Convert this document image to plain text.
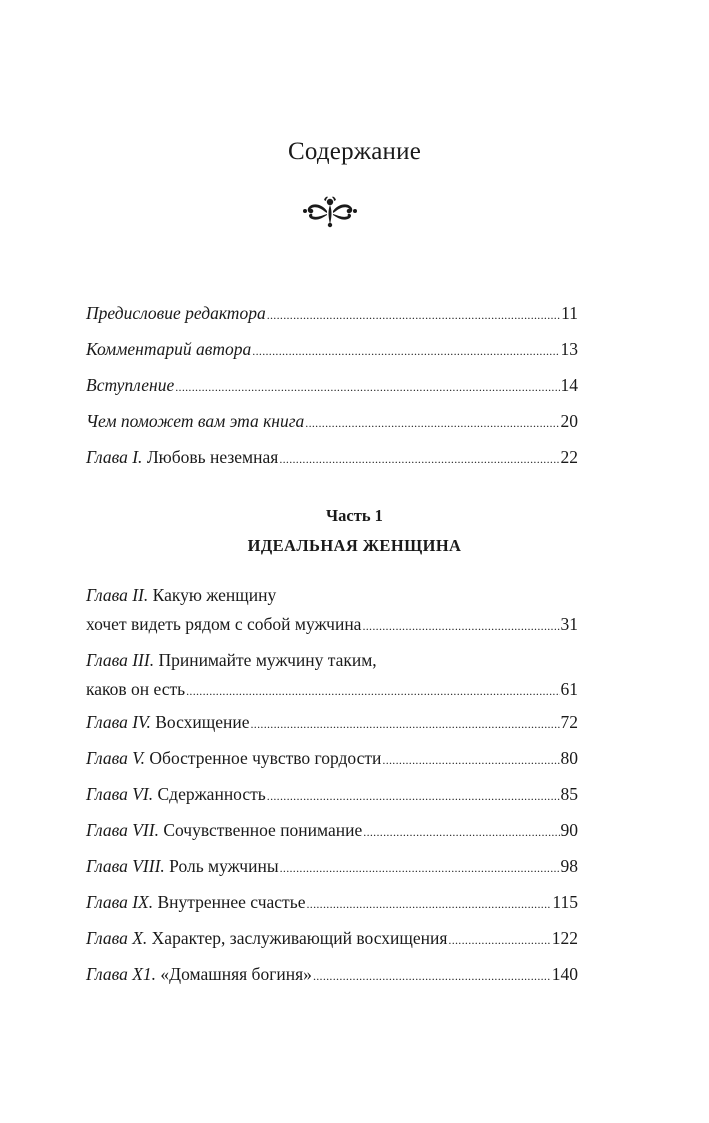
Содержание
Предисловие редактора .....	11
Комментарий автора .....	13
Вступление .....	14
Чем поможет вам эта книга .....	20
Глава I. Любовь неземная .....	22

Часть 1

ИДЕАЛЬНАЯ ЖЕНЩИНА

Глава II. Какую женщину
хочет видеть рядом с собой мужчина .....	31
Глава III. Принимайте мужчину таким,
каков он есть .....	61
Глава IV. Восхищение .....	72
Глава V. Обостренное чувство гордости .....	80
Глава VI. Сдержанность .....	85
Глава VII. Сочувственное понимание .....	90
Глава VIII. Роль мужчины .....	98
Глава IX. Внутреннее счастье .....	115
Глава X. Характер, заслуживающий восхищения .....	122
Глава X1. «Домашняя богиня» .....	140
